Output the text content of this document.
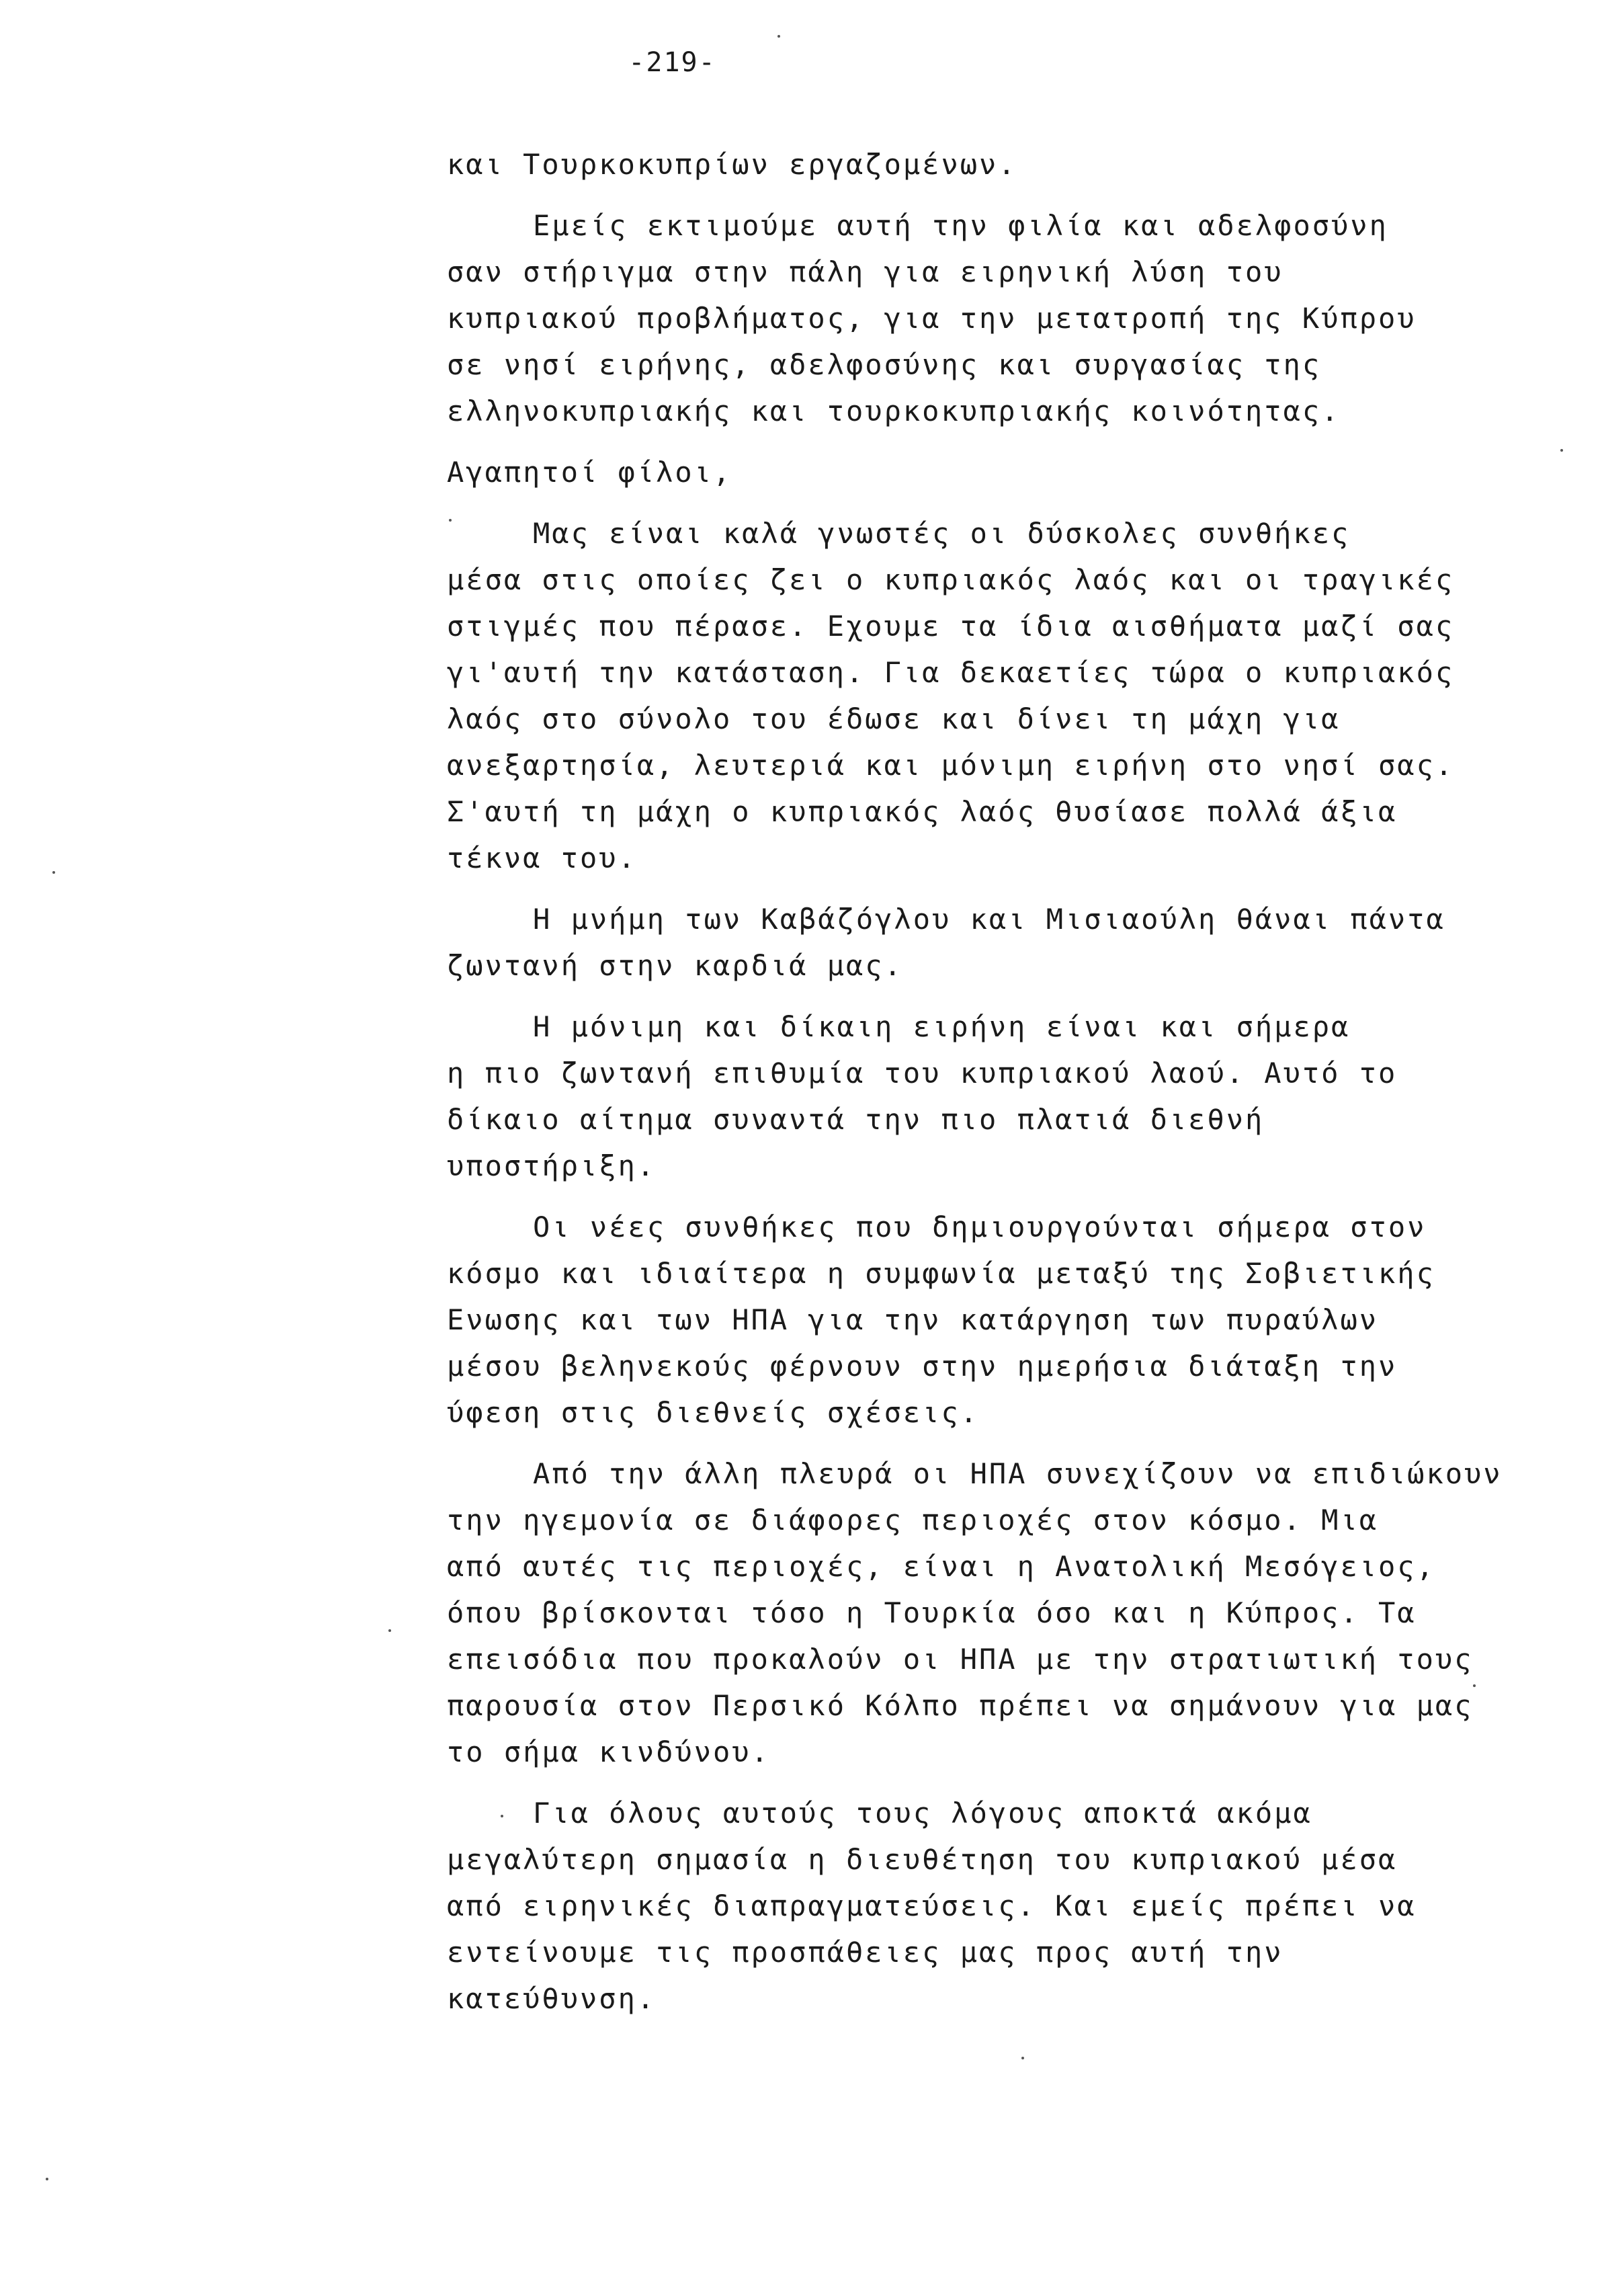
-219-
και Τουρκοκυπρίων εργαζομένων.
Εμείς εκτιμούμε αυτή την φιλία και αδελφοσύνη
σαν στήριγμα στην πάλη για ειρηνική λύση του
κυπριακού προβλήματος, για την μετατροπή της Κύπρου
σε νησί ειρήνης, αδελφοσύνης και συργασίας της
ελληνοκυπριακής και τουρκοκυπριακής κοινότητας.
Αγαπητοί φίλοι,
Μας είναι καλά γνωστές οι δύσκολες συνθήκες
μέσα στις οποίες ζει ο κυπριακός λαός και οι τραγικές
στιγμές που πέρασε. Εχουμε τα ίδια αισθήματα μαζί σας
γι'αυτή την κατάσταση. Για δεκαετίες τώρα ο κυπριακός
λαός στο σύνολο του έδωσε και δίνει τη μάχη για
ανεξαρτησία, λευτεριά και μόνιμη ειρήνη στο νησί σας.
Σ'αυτή τη μάχη ο κυπριακός λαός θυσίασε πολλά άξια
τέκνα του.
Η μνήμη των Καβάζόγλου και Μισιαούλη θάναι πάντα
ζωντανή στην καρδιά μας.
Η μόνιμη και δίκαιη ειρήνη είναι και σήμερα
η πιο ζωντανή επιθυμία του κυπριακού λαού. Αυτό το
δίκαιο αίτημα συναντά την πιο πλατιά διεθνή
υποστήριξη.
Οι νέες συνθήκες που δημιουργούνται σήμερα στον
κόσμο και ιδιαίτερα η συμφωνία μεταξύ της Σοβιετικής
Ενωσης και των ΗΠΑ για την κατάργηση των πυραύλων
μέσου βεληνεκούς φέρνουν στην ημερήσια διάταξη την
ύφεση στις διεθνείς σχέσεις.
Από την άλλη πλευρά οι ΗΠΑ συνεχίζουν να επιδιώκουν
την ηγεμονία σε διάφορες περιοχές στον κόσμο. Μια
από αυτές τις περιοχές, είναι η Ανατολική Μεσόγειος,
όπου βρίσκονται τόσο η Τουρκία όσο και η Κύπρος. Τα
επεισόδια που προκαλούν οι ΗΠΑ με την στρατιωτική τους
παρουσία στον Περσικό Κόλπο πρέπει να σημάνουν για μας
το σήμα κινδύνου.
Για όλους αυτούς τους λόγους αποκτά ακόμα
μεγαλύτερη σημασία η διευθέτηση του κυπριακού μέσα
από ειρηνικές διαπραγματεύσεις. Και εμείς πρέπει να
εντείνουμε τις προσπάθειες μας προς αυτή την
κατεύθυνση.
